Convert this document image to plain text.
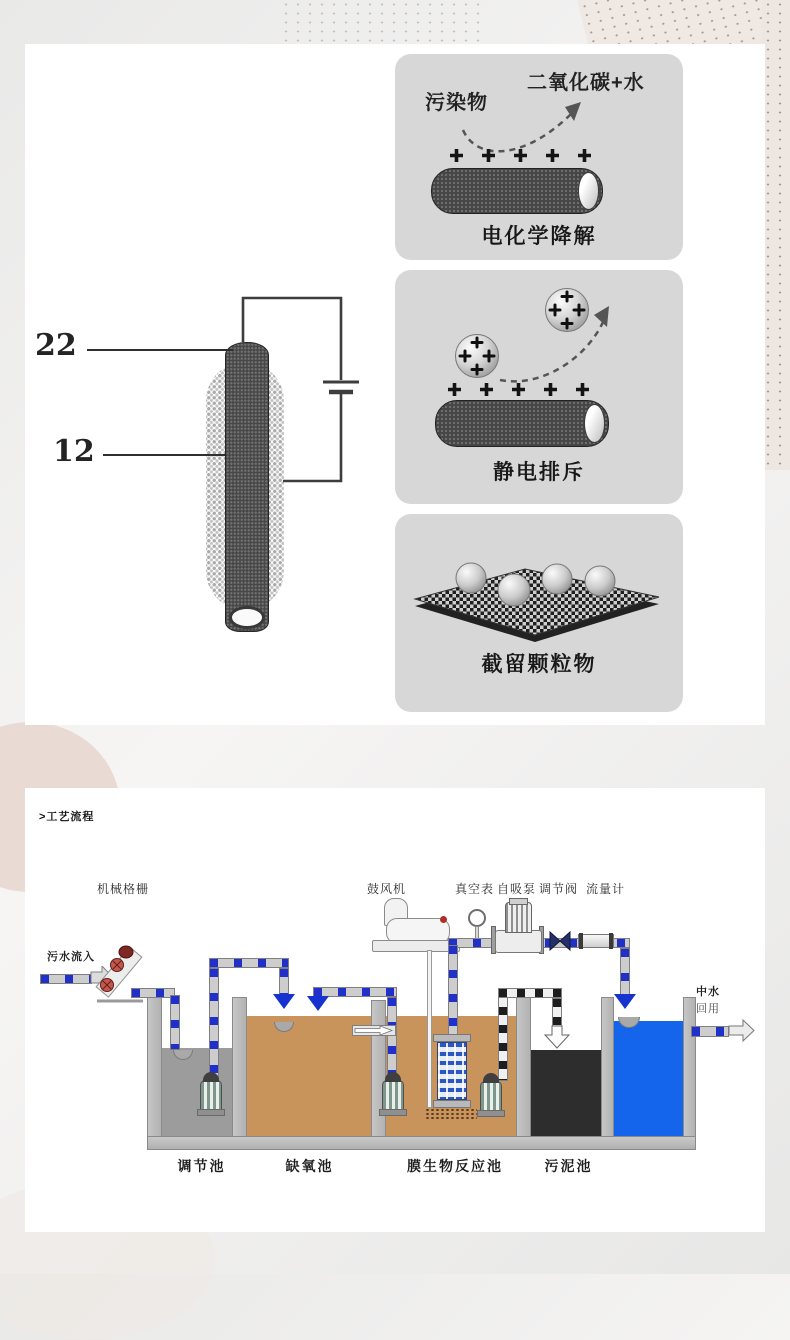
22
12
二氧化碳+水
污染物
电化学降解
静电排斥
截留颗粒物
>工艺流程
机械格栅	鼓风机	真空表 自吸泵 调节阀 流量计
污水流入
中水
回用
调节池	缺氧池	膜生物反应池	污泥池
